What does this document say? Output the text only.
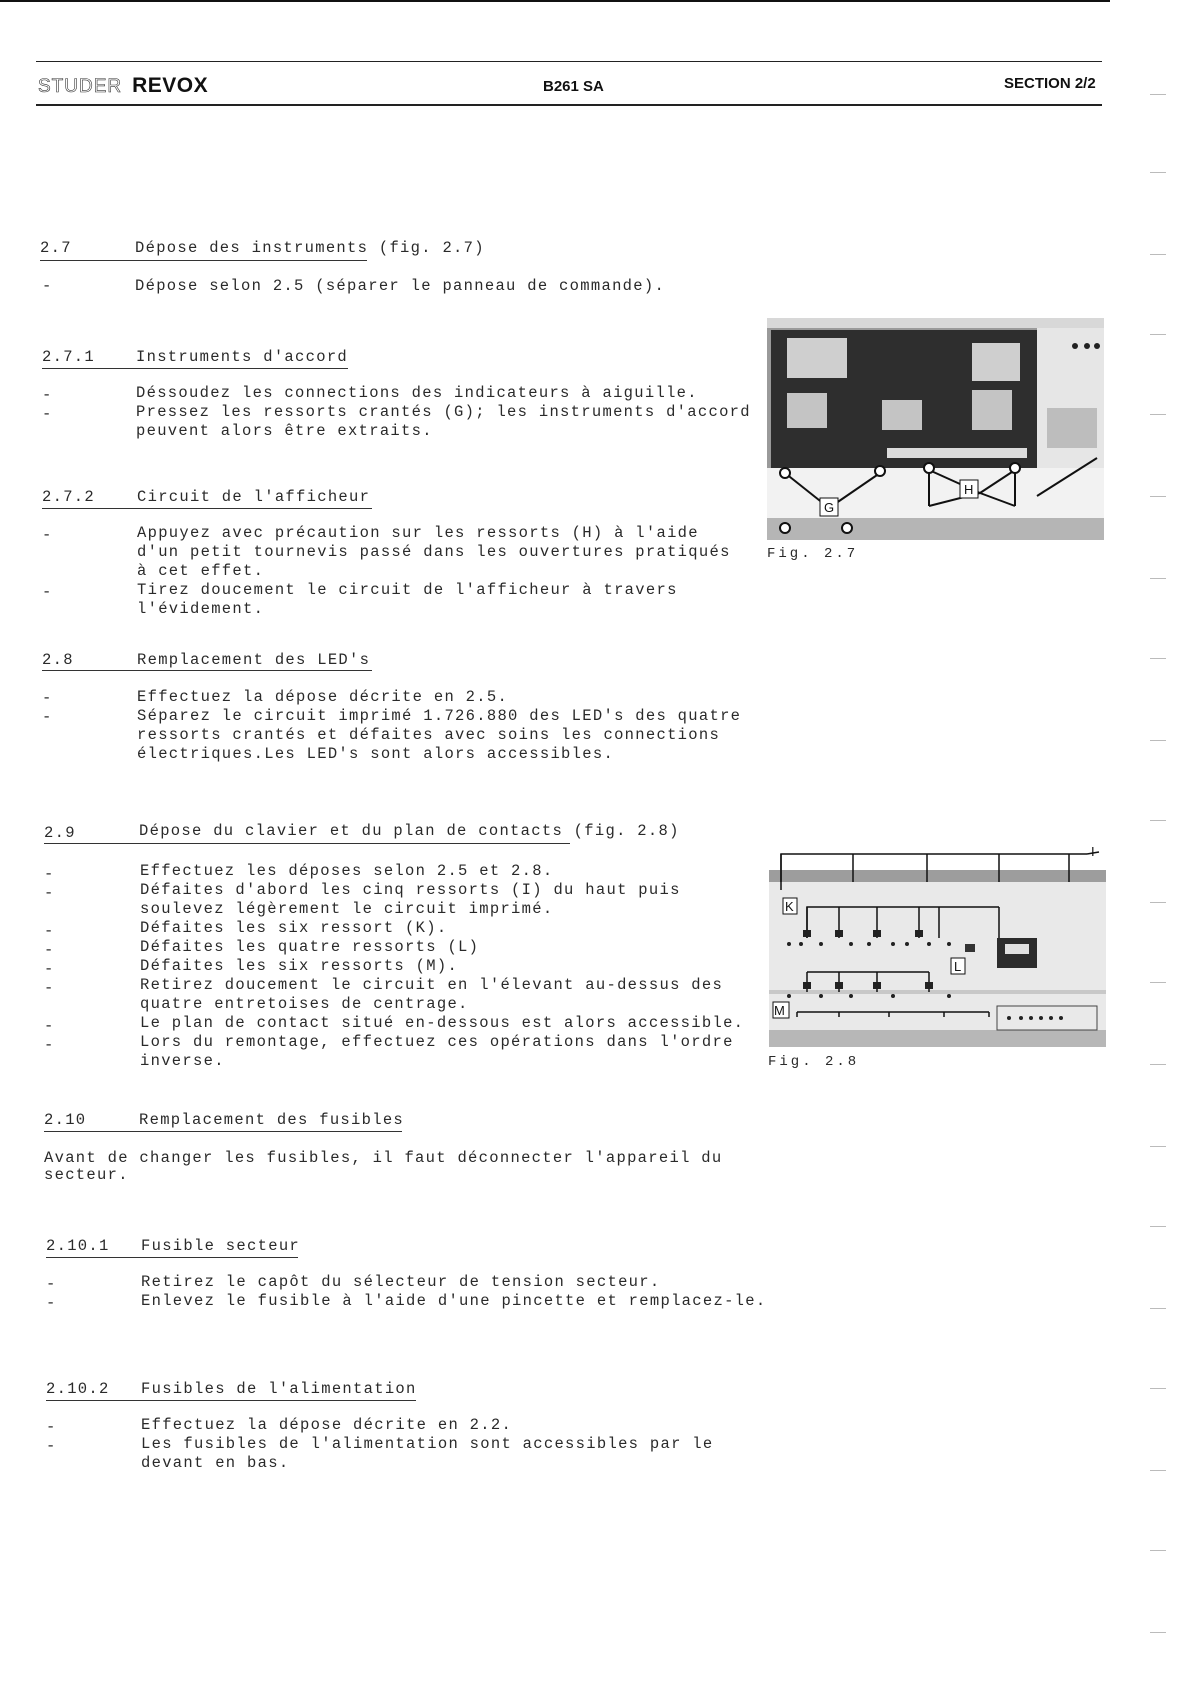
STUDER REVOX	B261 SA	SECTION 2/2
2.7	Dépose des instruments (fig. 2.7)
-	Dépose selon 2.5 (séparer le panneau de commande).
2.7.1	Instruments d'accord
-
-
Déssoudez les connections des indicateurs à aiguille.
Pressez les ressorts crantés (G); les instruments d'accord
peuvent alors être extraits.
2.7.2	Circuit de l'afficheur
-
-
Appuyez avec précaution sur les ressorts (H) à l'aide
d'un petit tournevis passé dans les ouvertures pratiqués
à cet effet.
Tirez doucement le circuit de l'afficheur à travers
l'évidement.
2.8	Remplacement des LED's
-
-
Effectuez la dépose décrite en 2.5.
Séparez le circuit imprimé 1.726.880 des LED's des quatre
ressorts crantés et défaites avec soins les connections
électriques.Les LED's sont alors accessibles.
2.9	Dépose du clavier et du plan de contacts (fig. 2.8)
-
-
-
-
-
-
-
-
Effectuez les déposes selon 2.5 et 2.8.
Défaites d'abord les cinq ressorts (I) du haut puis
soulevez légèrement le circuit imprimé.
Défaites les six ressort (K).
Défaites les quatre ressorts (L)
Défaites les six ressorts (M).
Retirez doucement le circuit en l'élevant au-dessus des
quatre entretoises de centrage.
Le plan de contact situé en-dessous est alors accessible.
Lors du remontage, effectuez ces opérations dans l'ordre
inverse.
2.10	Remplacement des fusibles
Avant de changer les fusibles, il faut déconnecter l'appareil du
secteur.
2.10.1 Fusible secteur
-
-
Retirez le capôt du sélecteur de tension secteur.
Enlevez le fusible à l'aide d'une pincette et remplacez-le.
2.10.2 Fusibles de l'alimentation
-
-
Effectuez la dépose décrite en 2.2.
Les fusibles de l'alimentation sont accessibles par le
devant en bas.
G
H
Fig. 2.7
K
L
M
I
Fig. 2.8
